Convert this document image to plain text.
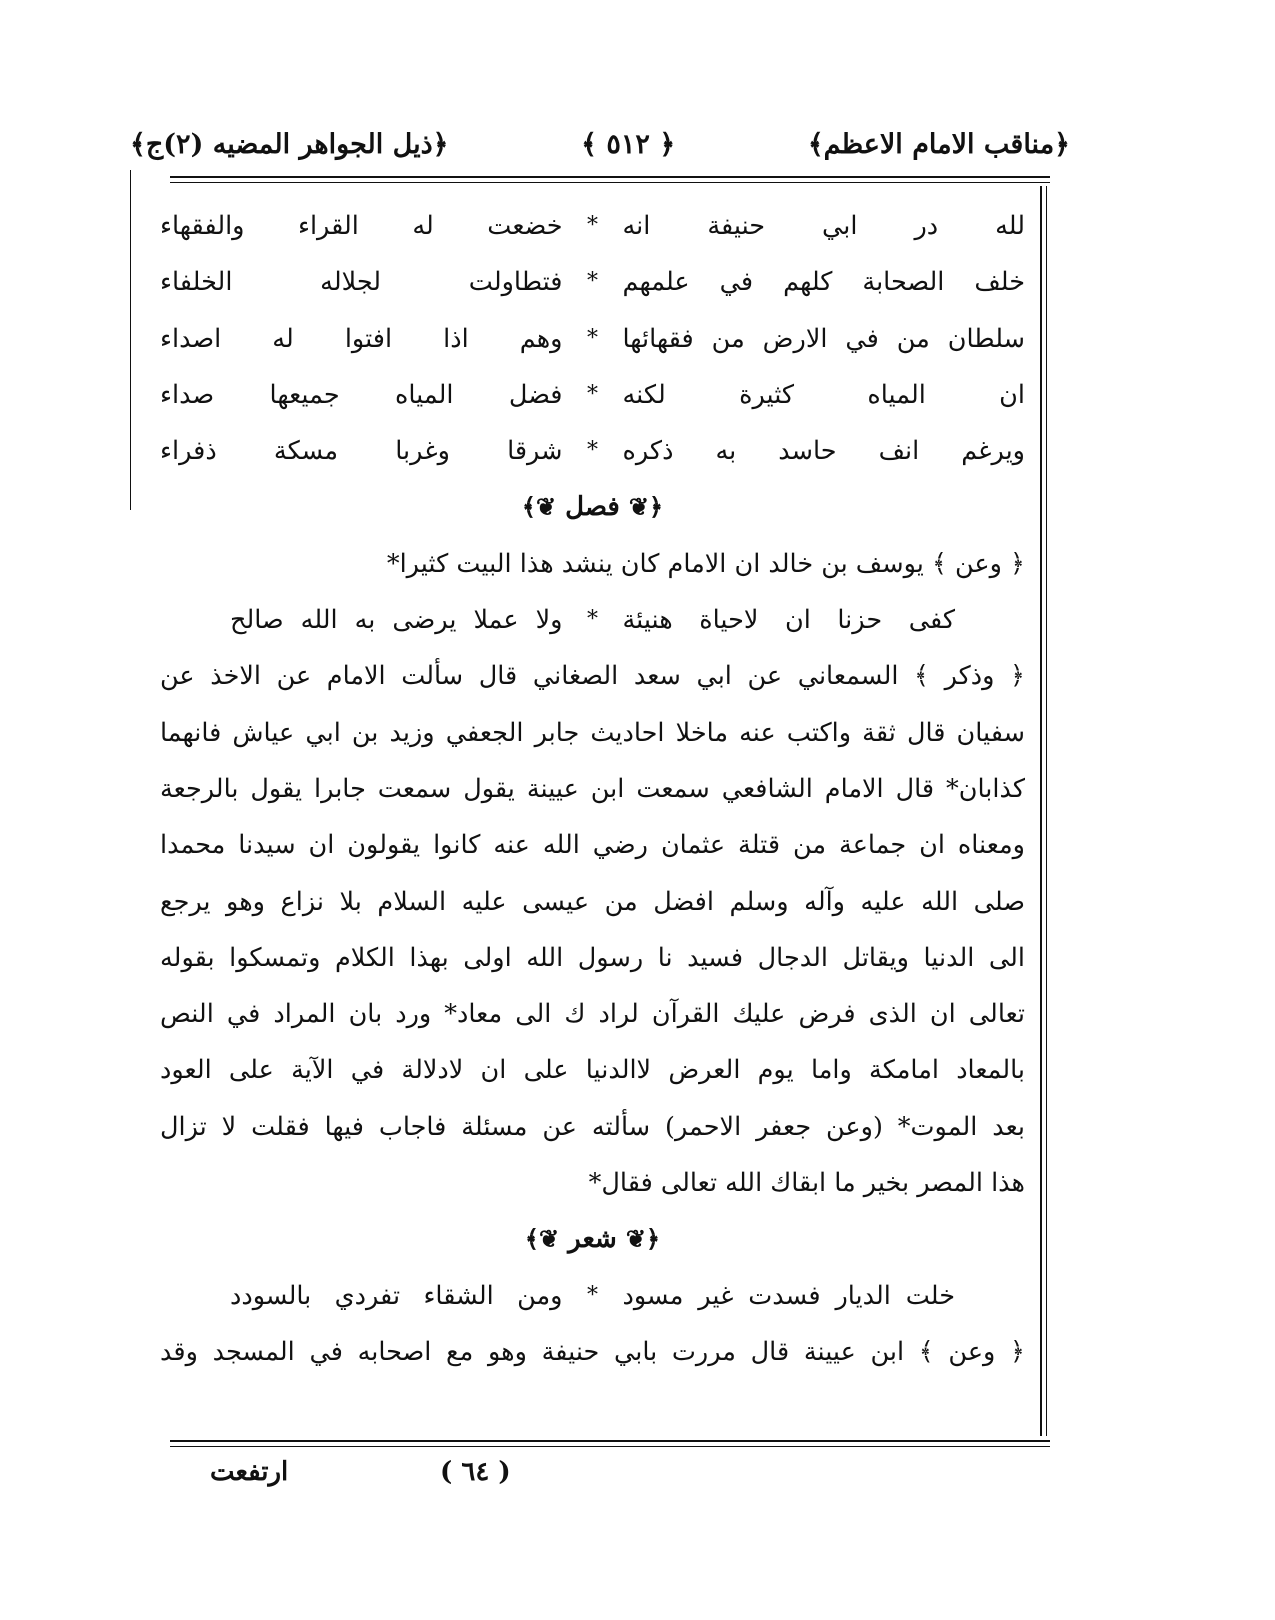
﴿مناقب الامام الاعظم﴾
﴿ ٥١٢ ﴾
﴿ذيل الجواهر المضيه (٢)ج﴾
لله در ابي حنيفة انه
*
خضعت له القراء والفقهاء
خلف الصحابة كلهم في علمهم
*
فتطاولت لجلاله الخلفاء
سلطان من في الارض من فقهائها
*
وهم اذا افتوا له اصداء
ان المياه كثيرة لكنه
*
فضل المياه جميعها صداء
ويرغم انف حاسد به ذكره
*
شرقا وغربا مسكة ذفراء
﴿❦ فصل ❦﴾
﴿ وعن ﴾ يوسف بن خالد ان الامام كان ينشد هذا البيت كثيرا*
كفى حزنا ان لاحياة هنيئة
*
ولا عملا يرضى به الله صالح
﴿ وذكر ﴾ السمعاني عن ابي سعد الصغاني قال سألت الامام عن الاخذ عن
سفيان قال ثقة واكتب عنه ماخلا احاديث جابر الجعفي وزيد بن ابي عياش فانهما
كذابان* قال الامام الشافعي سمعت ابن عيينة يقول سمعت جابرا يقول بالرجعة
ومعناه ان جماعة من قتلة عثمان رضي الله عنه كانوا يقولون ان سيدنا محمدا
صلى الله عليه وآله وسلم افضل من عيسى عليه السلام بلا نزاع وهو يرجع
الى الدنيا ويقاتل الدجال فسيد نا رسول الله اولى بهذا الكلام وتمسكوا بقوله
تعالى ان الذى فرض عليك القرآن لراد ك الى معاد* ورد بان المراد في النص
بالمعاد امامكة واما يوم العرض لاالدنيا على ان لادلالة في الآية على العود
بعد الموت* (وعن جعفر الاحمر) سألته عن مسئلة فاجاب فيها فقلت لا تزال
هذا المصر بخير ما ابقاك الله تعالى فقال*
﴿❦ شعر ❦﴾
خلت الديار فسدت غير مسود
*
ومن الشقاء تفردي بالسودد
﴿ وعن ﴾ ابن عيينة قال مررت بابي حنيفة وهو مع اصحابه في المسجد وقد
ارتفعت	( ٦٤ )
